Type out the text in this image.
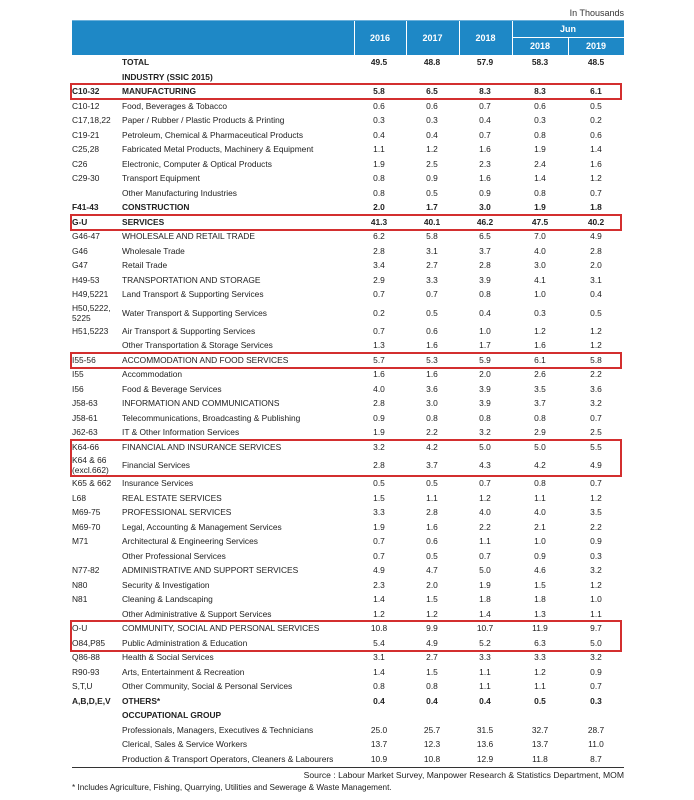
In Thousands
2016	2017	2018
Jun
2018	2019
TOTAL	49.5	48.8	57.9	58.3	48.5
INDUSTRY (SSIC 2015)
C10-32	MANUFACTURING	5.8	6.5	8.3	8.3	6.1
C10-12	Food, Beverages & Tobacco	0.6	0.6	0.7	0.6	0.5
C17,18,22	Paper / Rubber / Plastic Products & Printing	0.3	0.3	0.4	0.3	0.2
C19-21	Petroleum, Chemical & Pharmaceutical Products	0.4	0.4	0.7	0.8	0.6
C25,28	Fabricated Metal Products, Machinery & Equipment	1.1	1.2	1.6	1.9	1.4
C26	Electronic, Computer & Optical Products	1.9	2.5	2.3	2.4	1.6
C29-30	Transport Equipment	0.8	0.9	1.6	1.4	1.2
Other Manufacturing Industries	0.8	0.5	0.9	0.8	0.7
F41-43	CONSTRUCTION	2.0	1.7	3.0	1.9	1.8
G-U	SERVICES	41.3	40.1	46.2	47.5	40.2
G46-47	WHOLESALE AND RETAIL TRADE	6.2	5.8	6.5	7.0	4.9
G46	Wholesale Trade	2.8	3.1	3.7	4.0	2.8
G47	Retail Trade	3.4	2.7	2.8	3.0	2.0
H49-53	TRANSPORTATION AND STORAGE	2.9	3.3	3.9	4.1	3.1
H49,5221	Land Transport & Supporting Services	0.7	0.7	0.8	1.0	0.4
H50,5222, 5225	Water Transport & Supporting Services	0.2	0.5	0.4	0.3	0.5
H51,5223	Air Transport & Supporting Services	0.7	0.6	1.0	1.2	1.2
Other Transportation & Storage Services	1.3	1.6	1.7	1.6	1.2
I55-56	ACCOMMODATION AND FOOD SERVICES	5.7	5.3	5.9	6.1	5.8
I55	Accommodation	1.6	1.6	2.0	2.6	2.2
I56	Food & Beverage Services	4.0	3.6	3.9	3.5	3.6
J58-63	INFORMATION AND COMMUNICATIONS	2.8	3.0	3.9	3.7	3.2
J58-61	Telecommunications, Broadcasting & Publishing	0.9	0.8	0.8	0.8	0.7
J62-63	IT & Other Information Services	1.9	2.2	3.2	2.9	2.5
K64-66	FINANCIAL AND INSURANCE SERVICES	3.2	4.2	5.0	5.0	5.5
K64 & 66 (excl.662)	Financial Services	2.8	3.7	4.3	4.2	4.9
K65 & 662	Insurance Services	0.5	0.5	0.7	0.8	0.7
L68	REAL ESTATE SERVICES	1.5	1.1	1.2	1.1	1.2
M69-75	PROFESSIONAL SERVICES	3.3	2.8	4.0	4.0	3.5
M69-70	Legal, Accounting & Management Services	1.9	1.6	2.2	2.1	2.2
M71	Architectural & Engineering Services	0.7	0.6	1.1	1.0	0.9
Other Professional Services	0.7	0.5	0.7	0.9	0.3
N77-82	ADMINISTRATIVE AND SUPPORT SERVICES	4.9	4.7	5.0	4.6	3.2
N80	Security & Investigation	2.3	2.0	1.9	1.5	1.2
N81	Cleaning & Landscaping	1.4	1.5	1.8	1.8	1.0
Other Administrative & Support Services	1.2	1.2	1.4	1.3	1.1
O-U	COMMUNITY, SOCIAL AND PERSONAL SERVICES	10.8	9.9	10.7	11.9	9.7
O84,P85	Public Administration & Education	5.4	4.9	5.2	6.3	5.0
Q86-88	Health & Social Services	3.1	2.7	3.3	3.3	3.2
R90-93	Arts, Entertainment & Recreation	1.4	1.5	1.1	1.2	0.9
S,T,U	Other Community, Social & Personal Services	0.8	0.8	1.1	1.1	0.7
A,B,D,E,V	OTHERS*	0.4	0.4	0.4	0.5	0.3
OCCUPATIONAL GROUP
Professionals, Managers, Executives & Technicians	25.0	25.7	31.5	32.7	28.7
Clerical, Sales & Service Workers	13.7	12.3	13.6	13.7	11.0
Production & Transport Operators, Cleaners & Labourers	10.9	10.8	12.9	11.8	8.7
Source : Labour Market Survey, Manpower Research & Statistics Department, MOM
* Includes Agriculture, Fishing, Quarrying, Utilities and Sewerage & Waste Management.
